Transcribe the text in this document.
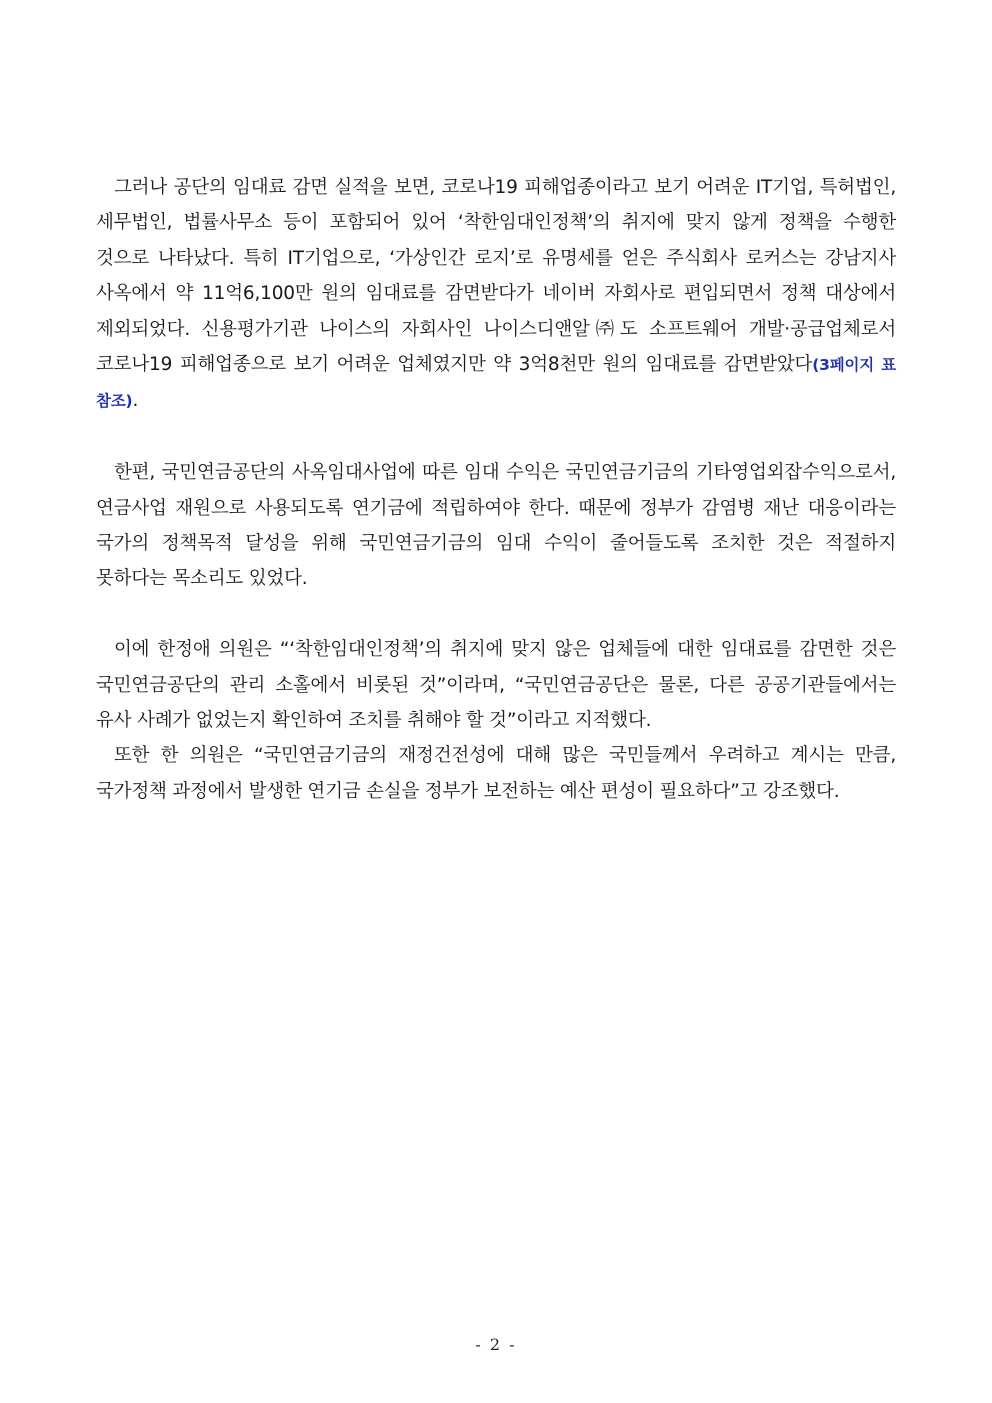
그러나 공단의 임대료 감면 실적을 보면, 코로나19 피해업종이라고 보기 어려운 IT기업, 특허법인, 세무법인, 법률사무소 등이 포함되어 있어 ‘착한임대인정책’의 취지에 맞지 않게 정책을 수행한 것으로 나타났다. 특히 IT기업으로, ‘가상인간 로지’로 유명세를 얻은 주식회사 로커스는 강남지사 사옥에서 약 11억6,100만 원의 임대료를 감면받다가 네이버 자회사로 편입되면서 정책 대상에서 제외되었다. 신용평가기관 나이스의 자회사인 나이스디앤알㈜도 소프트웨어 개발·공급업체로서 코로나19 피해업종으로 보기 어려운 업체였지만 약 3억8천만 원의 임대료를 감면받았다(3페이지 표 참조).

한편, 국민연금공단의 사옥임대사업에 따른 임대 수익은 국민연금기금의 기타영업외잡수익으로서, 연금사업 재원으로 사용되도록 연기금에 적립하여야 한다. 때문에 정부가 감염병 재난 대응이라는 국가의 정책목적 달성을 위해 국민연금기금의 임대 수익이 줄어들도록 조치한 것은 적절하지 못하다는 목소리도 있었다.

이에 한정애 의원은 “‘착한임대인정책’의 취지에 맞지 않은 업체들에 대한 임대료를 감면한 것은 국민연금공단의 관리 소홀에서 비롯된 것”이라며, “국민연금공단은 물론, 다른 공공기관들에서는 유사 사례가 없었는지 확인하여 조치를 취해야 할 것”이라고 지적했다.

또한 한 의원은 “국민연금기금의 재정건전성에 대해 많은 국민들께서 우려하고 계시는 만큼, 국가정책 과정에서 발생한 연기금 손실을 정부가 보전하는 예산 편성이 필요하다”고 강조했다.

- 2 -
